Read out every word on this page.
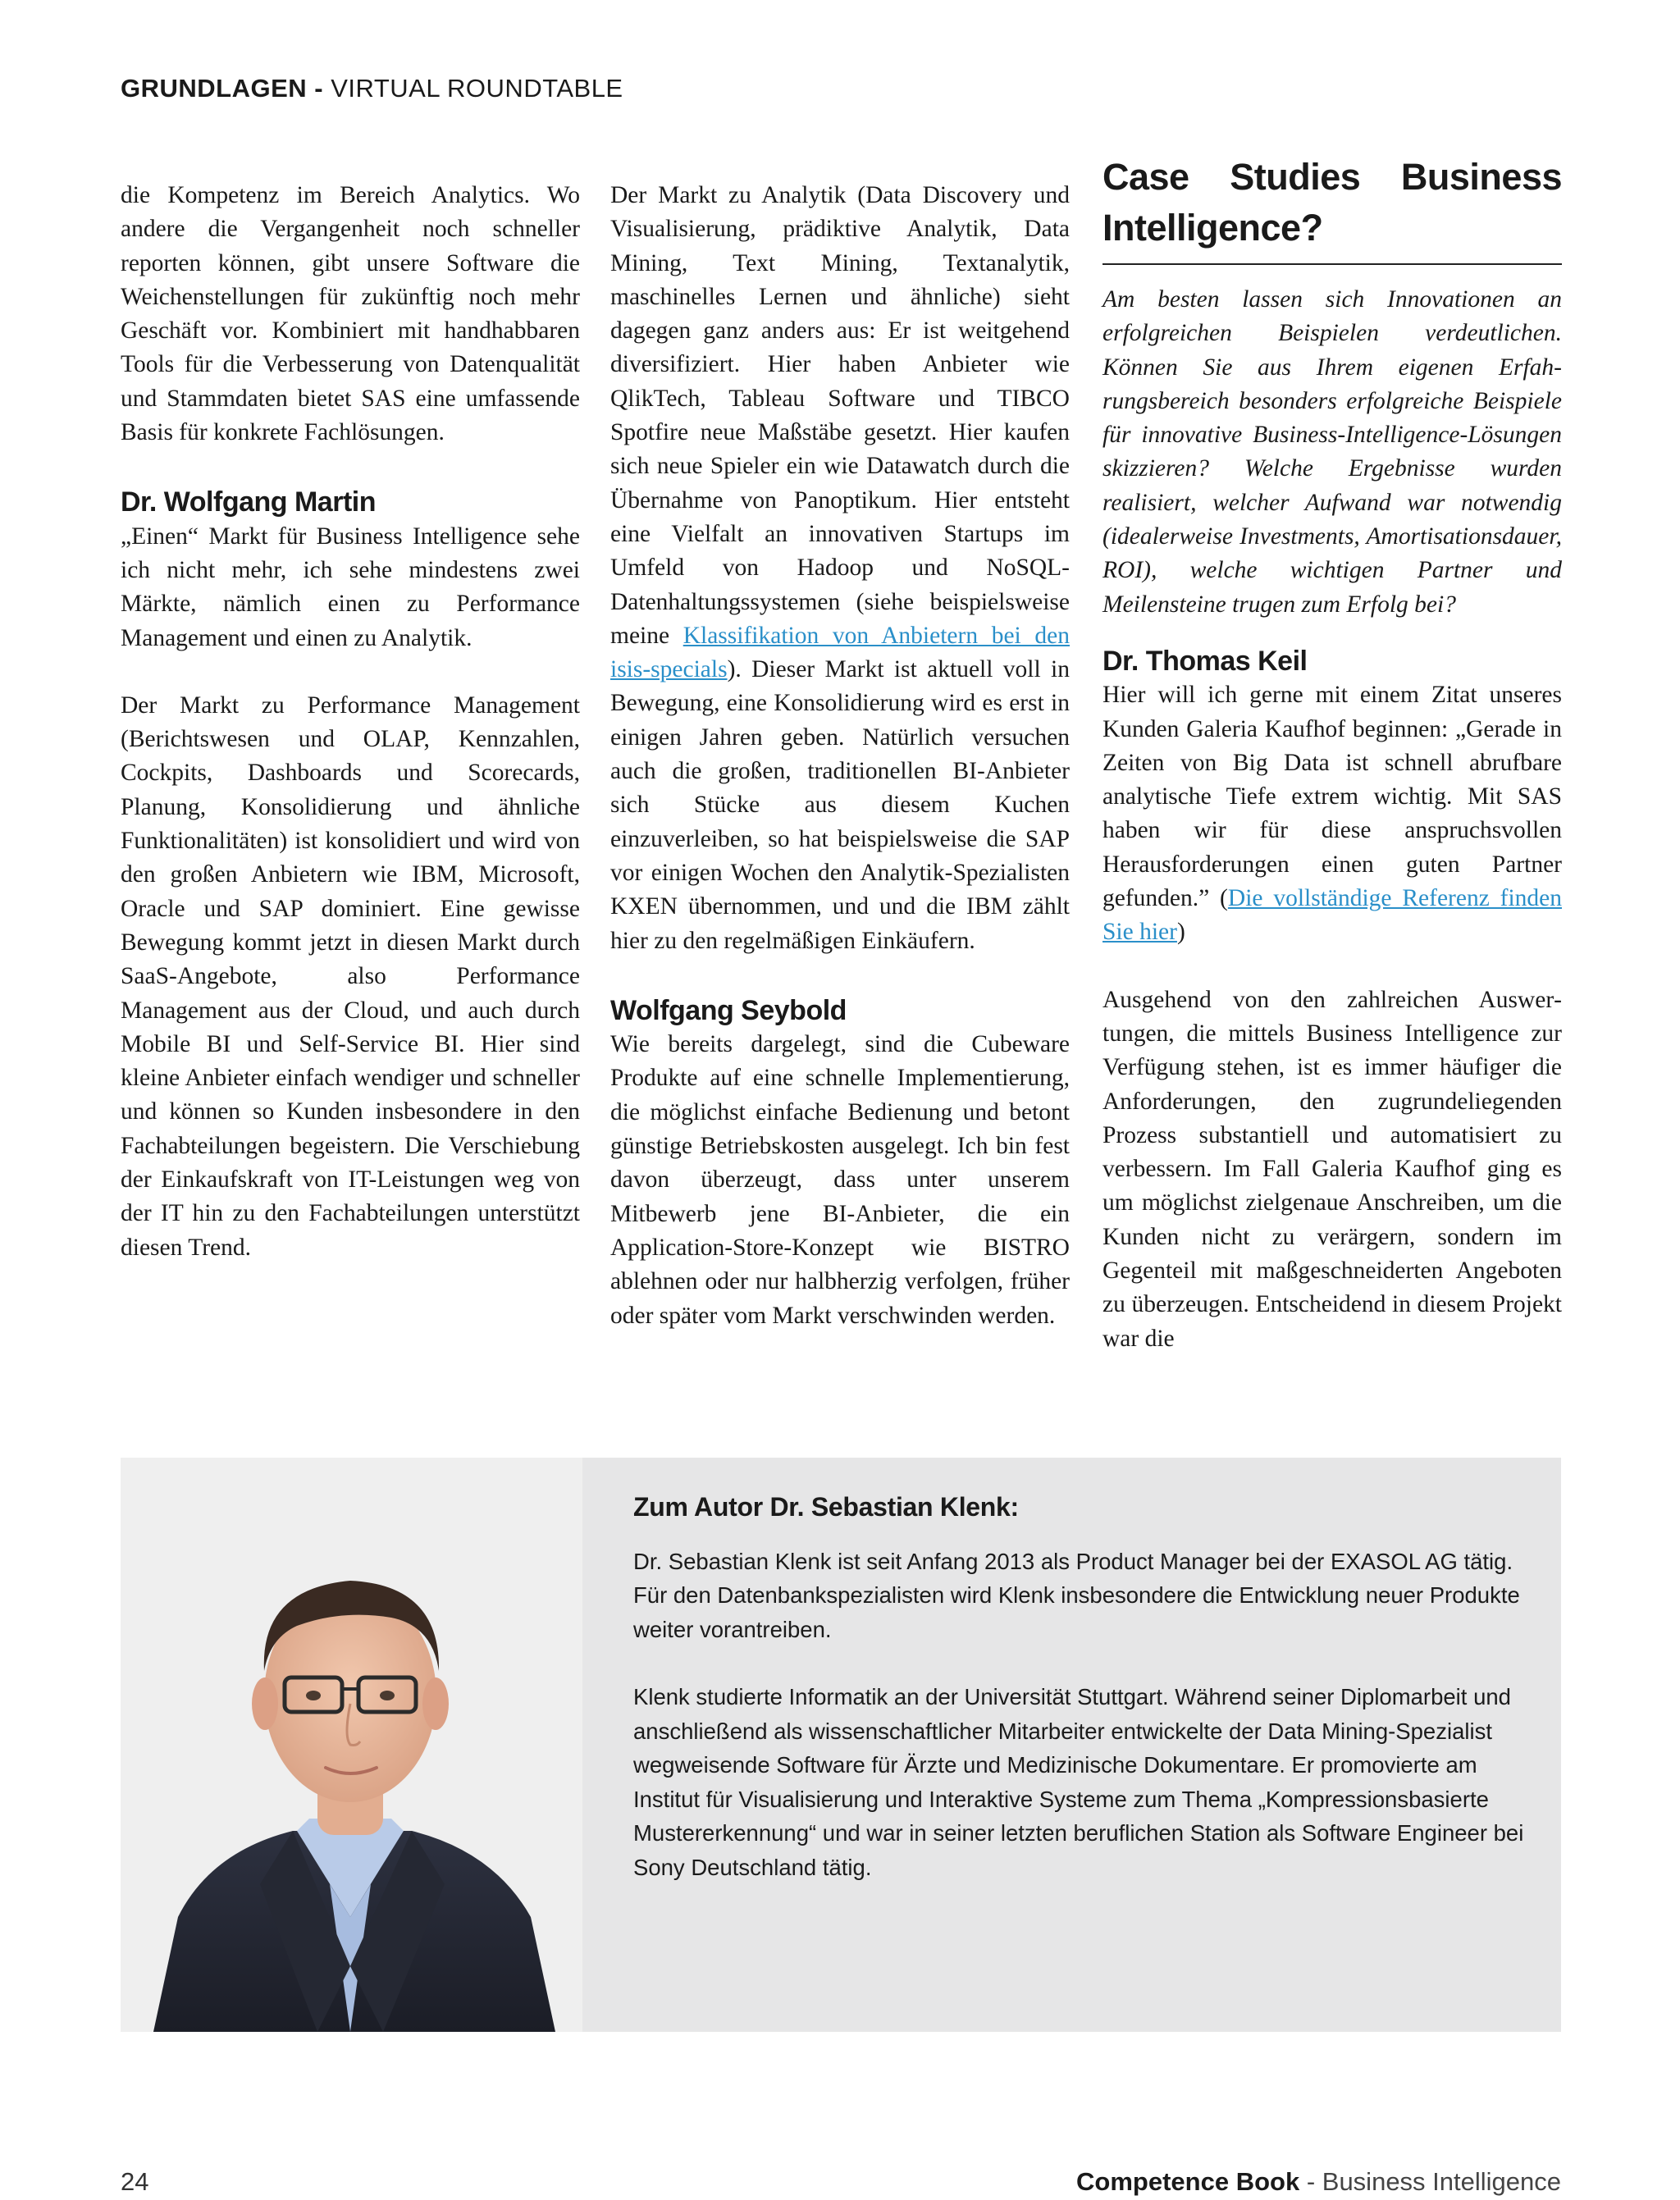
GRUNDLAGEN - VIRTUAL ROUNDTABLE

die Kompetenz im Bereich Analytics. Wo andere die Vergangenheit noch schneller reporten können, gibt unsere Software die Weichenstellungen für zukünftig noch mehr Geschäft vor. Kombiniert mit handhabbaren Tools für die Verbesserung von Datenqualität und Stammdaten bietet SAS eine umfassende Basis für konkrete Fachlösungen.

Dr. Wolfgang Martin

„Einen“ Markt für Business Intelligence sehe ich nicht mehr, ich sehe mindestens zwei Märkte, nämlich einen zu Performance Management und einen zu Analytik.

Der Markt zu Performance Management (Berichtswesen und OLAP, Kennzahlen, Cockpits, Dashboards und Scorecards, Planung, Konsolidierung und ähnliche Funktionalitäten) ist konsolidiert und wird von den großen Anbietern wie IBM, Microsoft, Oracle und SAP dominiert. Eine gewisse Bewegung kommt jetzt in diesen Markt durch SaaS-Angebote, also Performance Management aus der Cloud, und auch durch Mobile BI und Self-Service BI. Hier sind kleine Anbieter einfach wendiger und schneller und können so Kunden insbesondere in den Fachabteilungen begeistern. Die Verschiebung der Einkaufskraft von IT-Leistungen weg von der IT hin zu den Fachabteilungen unterstützt diesen Trend.

Der Markt zu Analytik (Data Discovery und Visualisierung, prädiktive Analytik, Data Mining, Text Mining, Textanalytik, maschinelles Lernen und ähnliche) sieht dagegen ganz anders aus: Er ist weitgehend diversifiziert. Hier haben Anbieter wie QlikTech, Tableau Software und TIBCO Spotfire neue Maßstäbe gesetzt. Hier kaufen sich neue Spieler ein wie Datawatch durch die Übernahme von Panoptikum. Hier entsteht eine Vielfalt an innovativen Startups im Umfeld von Hadoop und NoSQL-Datenhaltungssystemen (siehe beispielsweise meine Klassifikation von Anbietern bei den isis-specials). Dieser Markt ist aktuell voll in Bewegung, eine Konsolidierung wird es erst in einigen Jahren geben. Natürlich versuchen auch die großen, traditionellen BI-Anbieter sich Stücke aus diesem Kuchen einzuverleiben, so hat beispielsweise die SAP vor einigen Wochen den Analytik-Spezialisten KXEN übernommen, und und die IBM zählt hier zu den regelmäßigen Einkäufern.

Wolfgang Seybold

Wie bereits dargelegt, sind die Cubeware Produkte auf eine schnelle Implementierung, die möglichst einfache Bedienung und betont günstige Betriebskosten ausgelegt. Ich bin fest davon überzeugt, dass unter unserem Mitbewerb jene BI-Anbieter, die ein Application-Store-Konzept wie BISTRO ablehnen oder nur halbherzig verfolgen, früher oder später vom Markt verschwinden werden.

Case Studies Business Intelligence?

Am besten lassen sich Innovationen an erfolgreichen Beispielen verdeutlichen. Können Sie aus Ihrem eigenen Erfahrungsbereich besonders erfolgreiche Beispiele für innovative Business-Intelligence-Lösungen skizzieren? Welche Ergebnisse wurden realisiert, welcher Aufwand war notwendig (idealerweise Investments, Amortisationsdauer, ROI), welche wichtigen Partner und Meilensteine trugen zum Erfolg bei?

Dr. Thomas Keil

Hier will ich gerne mit einem Zitat unseres Kunden Galeria Kaufhof beginnen: „Gerade in Zeiten von Big Data ist schnell abrufbare analytische Tiefe extrem wichtig. Mit SAS haben wir für diese anspruchsvollen Herausforderungen einen guten Partner gefunden.” (Die vollständige Referenz finden Sie hier)

Ausgehend von den zahlreichen Auswertungen, die mittels Business Intelligence zur Verfügung stehen, ist es immer häufiger die Anforderungen, den zugrundeliegenden Prozess substantiell und automatisiert zu verbessern. Im Fall Galeria Kaufhof ging es um möglichst zielgenaue Anschreiben, um die Kunden nicht zu verärgern, sondern im Gegenteil mit maßgeschneiderten Angeboten zu überzeugen. Entscheidend in diesem Projekt war die

Zum Autor Dr. Sebastian Klenk:

Dr. Sebastian Klenk ist seit Anfang 2013 als Product Manager bei der EXASOL AG tätig. Für den Datenbankspezialisten wird Klenk insbesondere die Entwicklung neuer Produkte weiter vorantreiben.

Klenk studierte Informatik an der Universität Stuttgart. Während seiner Diplomarbeit und anschließend als wissenschaftlicher Mitarbeiter entwickelte der Data Mining-Spezialist wegweisende Software für Ärzte und Medizinische Dokumentare. Er promovierte am Institut für Visualisierung und Interaktive Systeme zum Thema „Kompressionsbasierte Mustererkennung“ und war in seiner letzten beruflichen Station als Software Engineer bei Sony Deutschland tätig.

24	Competence Book - Business Intelligence
